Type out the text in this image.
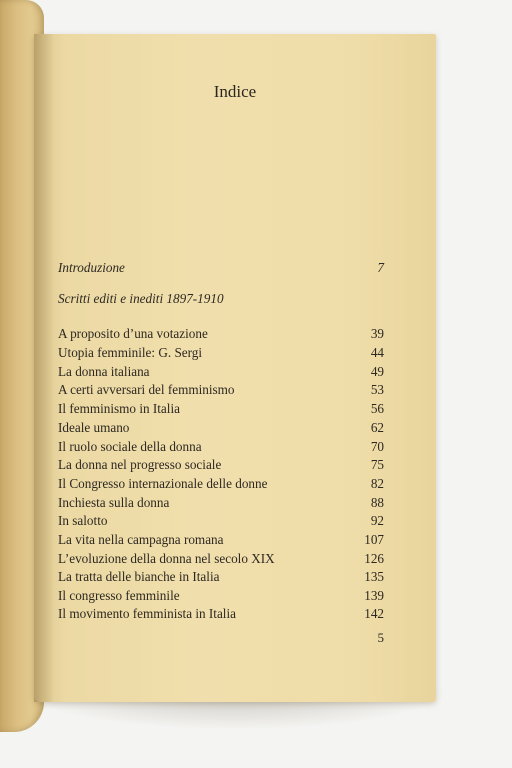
Indice
Introduzione	7
Scritti editi e inediti 1897-1910
A proposito d’una votazione	39
Utopia femminile: G. Sergi	44
La donna italiana	49
A certi avversari del femminismo	53
Il femminismo in Italia	56
Ideale umano	62
Il ruolo sociale della donna	70
La donna nel progresso sociale	75
Il Congresso internazionale delle donne	82
Inchiesta sulla donna	88
In salotto	92
La vita nella campagna romana	107
L’evoluzione della donna nel secolo XIX	126
La tratta delle bianche in Italia	135
Il congresso femminile	139
Il movimento femminista in Italia	142
5
